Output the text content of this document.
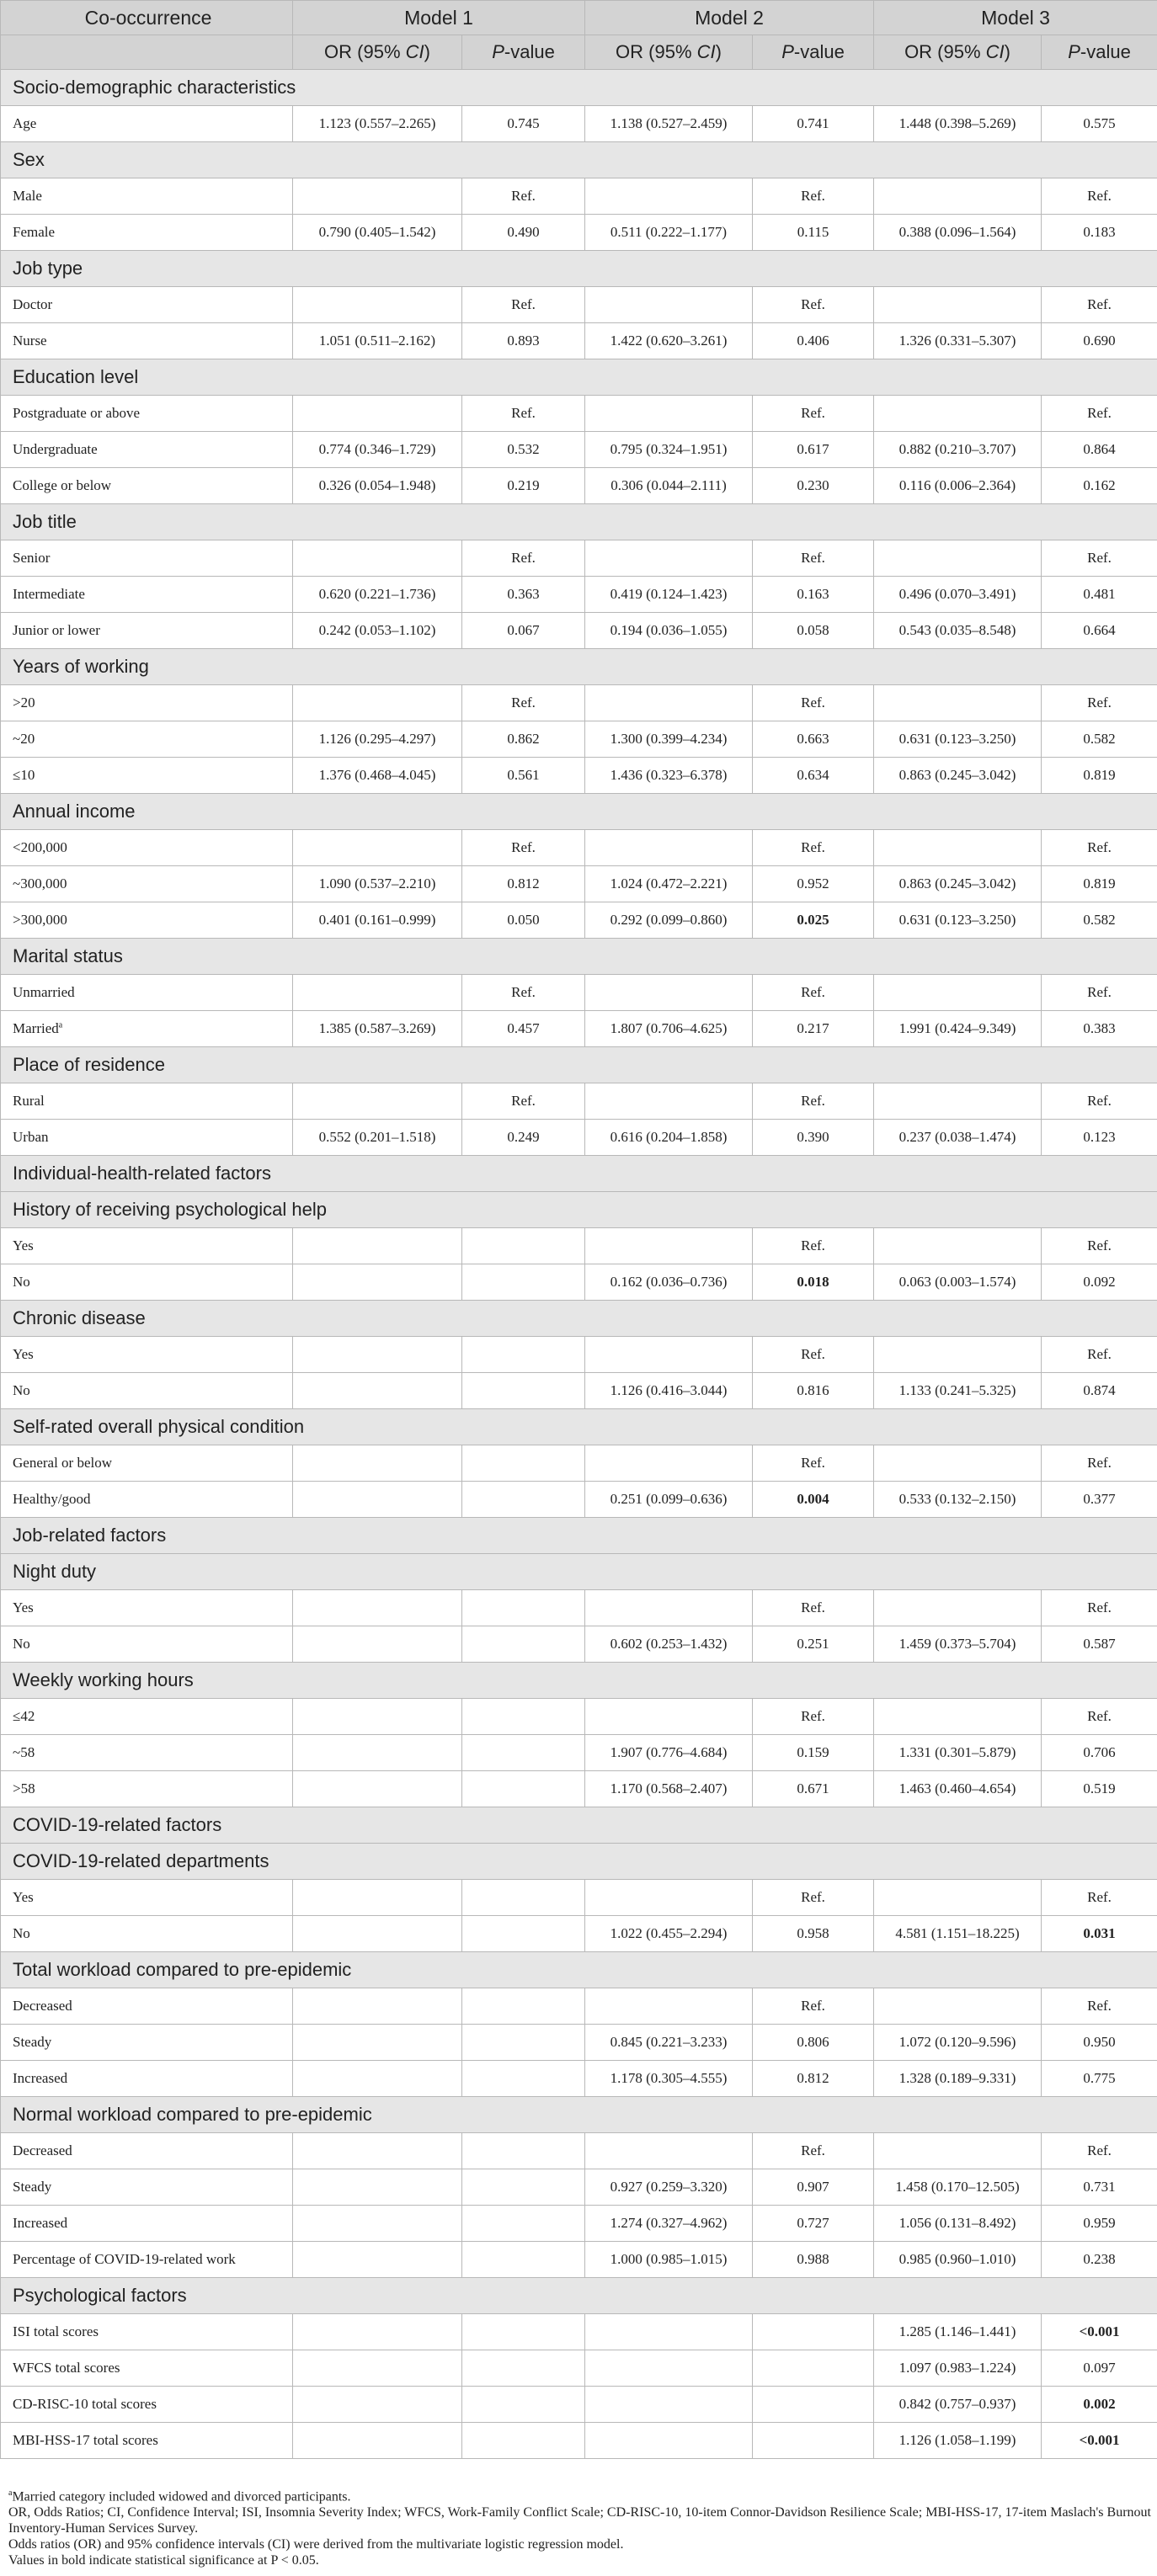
Co-occurrence	Model 1		Model 2		Model 3	
	OR (95% CI)	P-value	OR (95% CI)	P-value	OR (95% CI)	P-value
Socio-demographic characteristics						
Age	1.123 (0.557–2.265)	0.745	1.138 (0.527–2.459)	0.741	1.448 (0.398–5.269)	0.575
Sex						
Male		Ref.		Ref.		Ref.
Female	0.790 (0.405–1.542)	0.490	0.511 (0.222–1.177)	0.115	0.388 (0.096–1.564)	0.183
Job type						
Doctor		Ref.		Ref.		Ref.
Nurse	1.051 (0.511–2.162)	0.893	1.422 (0.620–3.261)	0.406	1.326 (0.331–5.307)	0.690
Education level						
Postgraduate or above		Ref.		Ref.		Ref.
Undergraduate	0.774 (0.346–1.729)	0.532	0.795 (0.324–1.951)	0.617	0.882 (0.210–3.707)	0.864
College or below	0.326 (0.054–1.948)	0.219	0.306 (0.044–2.111)	0.230	0.116 (0.006–2.364)	0.162
Job title						
Senior		Ref.		Ref.		Ref.
Intermediate	0.620 (0.221–1.736)	0.363	0.419 (0.124–1.423)	0.163	0.496 (0.070–3.491)	0.481
Junior or lower	0.242 (0.053–1.102)	0.067	0.194 (0.036–1.055)	0.058	0.543 (0.035–8.548)	0.664
Years of working						
>20		Ref.		Ref.		Ref.
~20	1.126 (0.295–4.297)	0.862	1.300 (0.399–4.234)	0.663	0.631 (0.123–3.250)	0.582
≤10	1.376 (0.468–4.045)	0.561	1.436 (0.323–6.378)	0.634	0.863 (0.245–3.042)	0.819
Annual income						
<200,000		Ref.		Ref.		Ref.
~300,000	1.090 (0.537–2.210)	0.812	1.024 (0.472–2.221)	0.952	0.863 (0.245–3.042)	0.819
>300,000	0.401 (0.161–0.999)	0.050	0.292 (0.099–0.860)	0.025	0.631 (0.123–3.250)	0.582
Marital status						
Unmarried		Ref.		Ref.		Ref.
Married$^a$	1.385 (0.587–3.269)	0.457	1.807 (0.706–4.625)	0.217	1.991 (0.424–9.349)	0.383
Place of residence						
Rural		Ref.		Ref.		Ref.
Urban	0.552 (0.201–1.518)	0.249	0.616 (0.204–1.858)	0.390	0.237 (0.038–1.474)	0.123
Individual-health-related factors						
History of receiving psychological help						
Yes				Ref.		Ref.
No			0.162 (0.036–0.736)	0.018	0.063 (0.003–1.574)	0.092
Chronic disease						
Yes				Ref.		Ref.
No			1.126 (0.416–3.044)	0.816	1.133 (0.241–5.325)	0.874
Self-rated overall physical condition						
General or below				Ref.		Ref.
Healthy/good			0.251 (0.099–0.636)	0.004	0.533 (0.132–2.150)	0.377
Job-related factors						
Night duty						
Yes				Ref.		Ref.
No			0.602 (0.253–1.432)	0.251	1.459 (0.373–5.704)	0.587
Weekly working hours						
≤42				Ref.		Ref.
~58			1.907 (0.776–4.684)	0.159	1.331 (0.301–5.879)	0.706
>58			1.170 (0.568–2.407)	0.671	1.463 (0.460–4.654)	0.519
COVID-19-related factors						
COVID-19-related departments						
Yes				Ref.		Ref.
No			1.022 (0.455–2.294)	0.958	4.581 (1.151–18.225)	0.031
Total workload compared to pre-epidemic						
Decreased				Ref.		Ref.
Steady			0.845 (0.221–3.233)	0.806	1.072 (0.120–9.596)	0.950
Increased			1.178 (0.305–4.555)	0.812	1.328 (0.189–9.331)	0.775
Normal workload compared to pre-epidemic						
Decreased				Ref.		Ref.
Steady			0.927 (0.259–3.320)	0.907	1.458 (0.170–12.505)	0.731
Increased			1.274 (0.327–4.962)	0.727	1.056 (0.131–8.492)	0.959
Percentage of COVID-19-related work			1.000 (0.985–1.015)	0.988	0.985 (0.960–1.010)	0.238
Psychological factors						
ISI total scores					1.285 (1.146–1.441)	<0.001
WFCS total scores					1.097 (0.983–1.224)	0.097
CD-RISC-10 total scores					0.842 (0.757–0.937)	0.002
MBI-HSS-17 total scores					1.126 (1.058–1.199)	<0.001
$^a$Married category included widowed and divorced participants.
OR, Odds Ratios; CI, Confidence Interval; ISI, Insomnia Severity Index; WFCS, Work-Family Conflict Scale; CD-RISC-10, 10-item Connor-Davidson Resilience Scale; MBI-HSS-17, 17-item Maslach's Burnout Inventory-Human Services Survey.
Odds ratios (OR) and 95% confidence intervals (CI) were derived from the multivariate logistic regression model.
Values in bold indicate statistical significance at P < 0.05.
